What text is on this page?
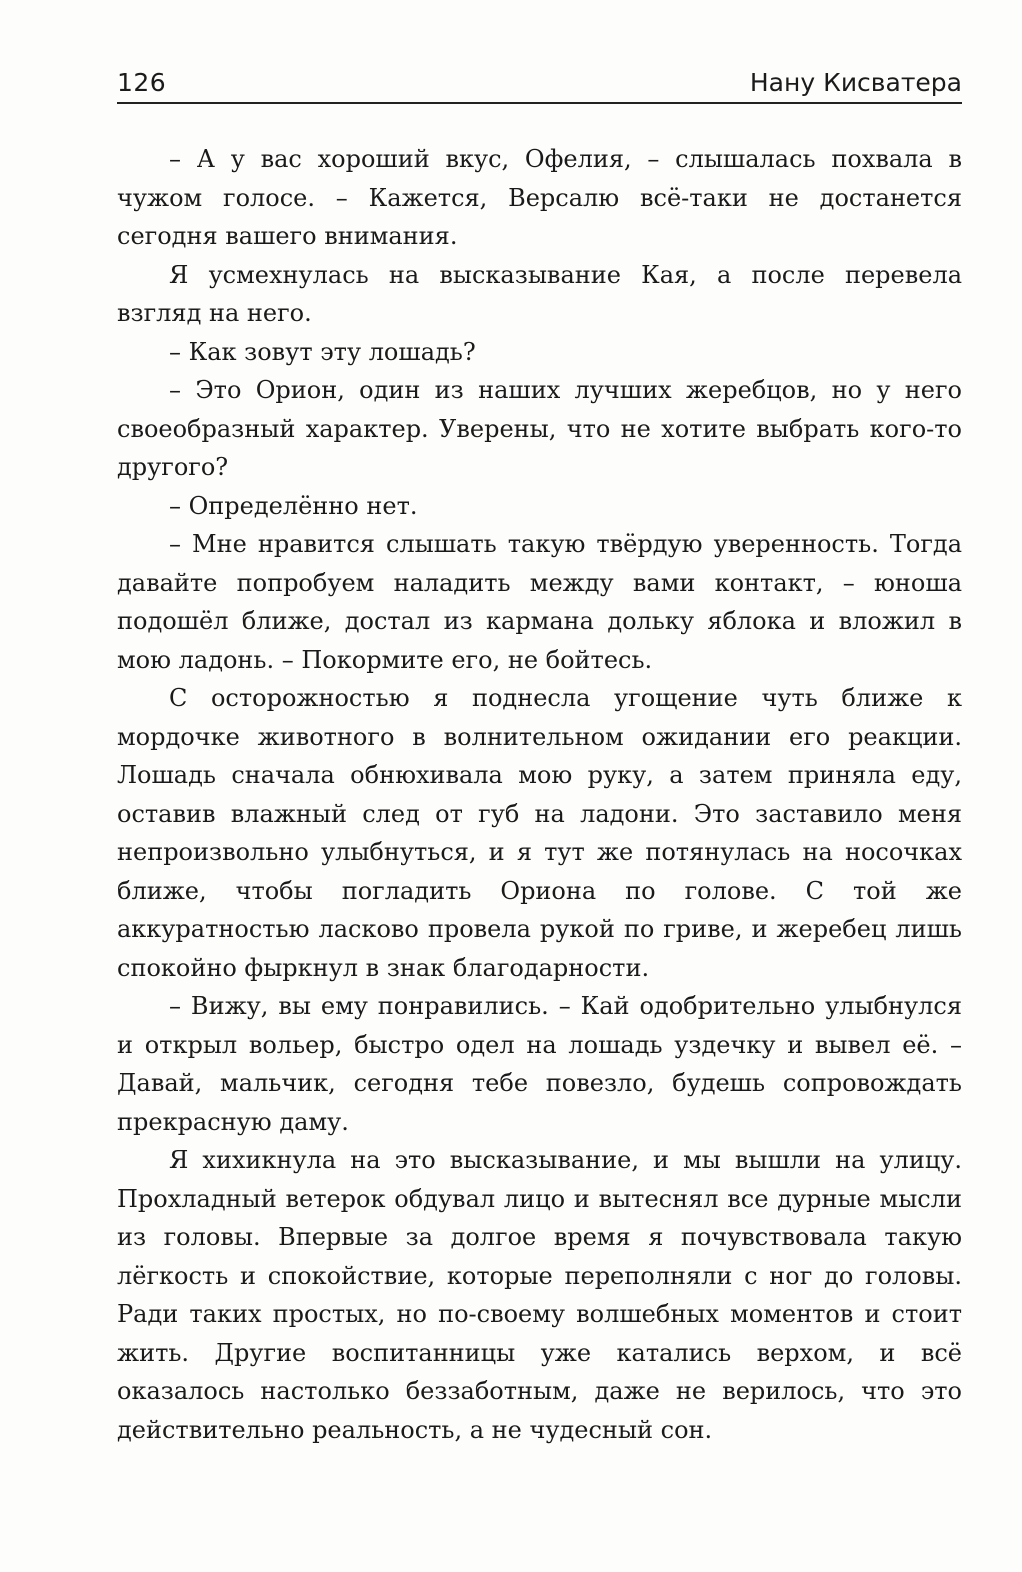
126	Нану Кисватера

– А у вас хороший вкус, Офелия, – слышалась похвала в чужом голосе. – Кажется, Версалю всё-таки не достанется сегодня вашего внимания.

Я усмехнулась на высказывание Кая, а после перевела взгляд на него.

– Как зовут эту лошадь?

– Это Орион, один из наших лучших жеребцов, но у него своеобразный характер. Уверены, что не хотите выбрать кого-то другого?

– Определённо нет.

– Мне нравится слышать такую твёрдую уверенность. Тогда давайте попробуем наладить между вами контакт, – юноша подошёл ближе, достал из кармана дольку яблока и вложил в мою ладонь. – Покормите его, не бойтесь.

С осторожностью я поднесла угощение чуть ближе к мордочке животного в волнительном ожидании его реакции. Лошадь сначала обнюхивала мою руку, а затем приняла еду, оставив влажный след от губ на ладони. Это заставило меня непроизвольно улыбнуться, и я тут же потянулась на носочках ближе, чтобы погладить Ориона по голове. С той же аккуратностью ласково провела рукой по гриве, и жеребец лишь спокойно фыркнул в знак благодарности.

– Вижу, вы ему понравились. – Кай одобрительно улыбнулся и открыл вольер, быстро одел на лошадь уздечку и вывел её. – Давай, мальчик, сегодня тебе повезло, будешь сопровождать прекрасную даму.

Я хихикнула на это высказывание, и мы вышли на улицу. Прохладный ветерок обдувал лицо и вытеснял все дурные мысли из головы. Впервые за долгое время я почувствовала такую лёгкость и спокойствие, которые переполняли с ног до головы. Ради таких простых, но по-своему волшебных моментов и стоит жить. Другие воспитанницы уже катались верхом, и всё оказалось настолько беззаботным, даже не верилось, что это действительно реальность, а не чудесный сон.
